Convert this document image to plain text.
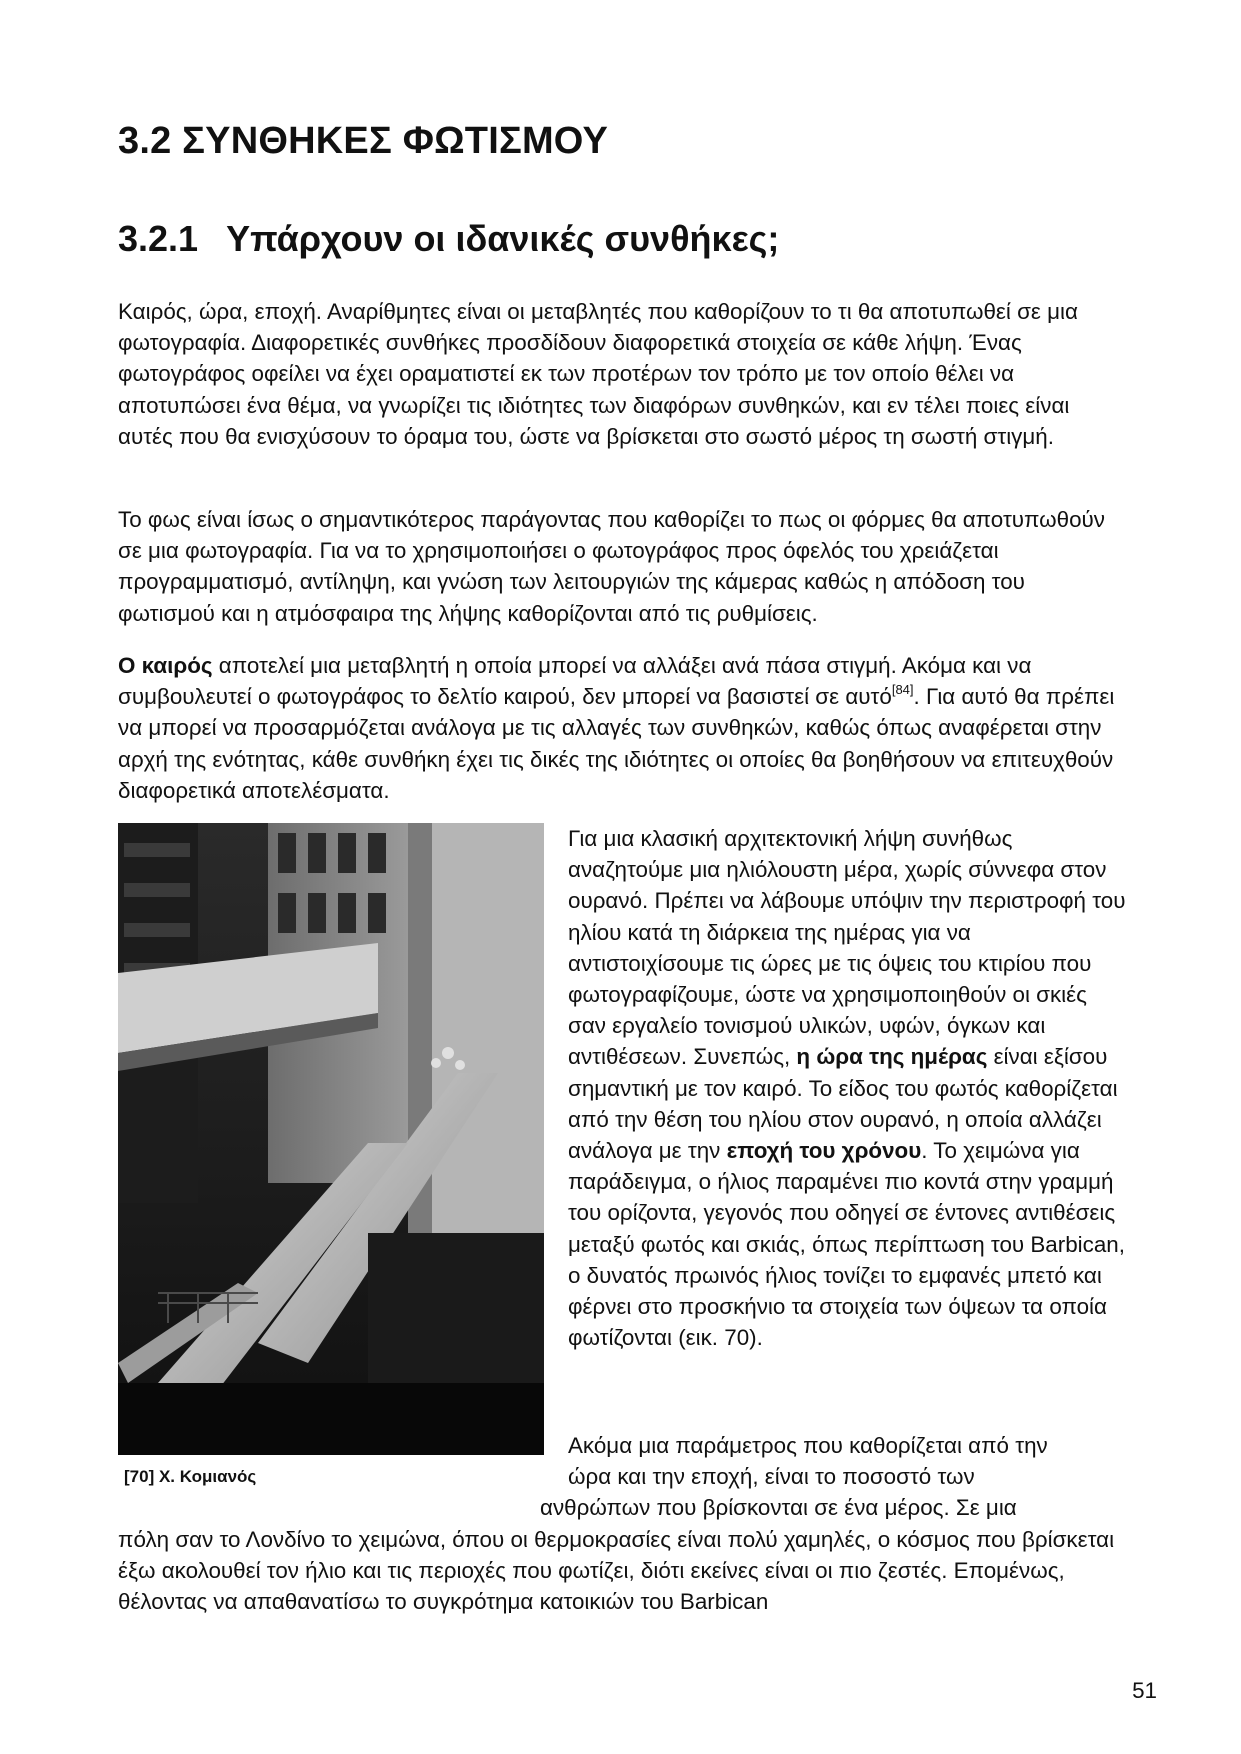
3.2 ΣΥΝΘΗΚΕΣ ΦΩΤΙΣΜΟΥ
3.2.1 Υπάρχουν οι ιδανικές συνθήκες;

Καιρός, ώρα, εποχή. Αναρίθμητες είναι οι μεταβλητές που καθορίζουν το τι θα αποτυπωθεί σε μια φωτογραφία. Διαφορετικές συνθήκες προσδίδουν διαφορετικά στοιχεία σε κάθε λήψη. Ένας φωτογράφος οφείλει να έχει οραματιστεί εκ των προτέρων τον τρόπο με τον οποίο θέλει να αποτυπώσει ένα θέμα, να γνωρίζει τις ιδιότητες των διαφόρων συνθηκών, και εν τέλει ποιες είναι αυτές που θα ενισχύσουν το όραμα του, ώστε να βρίσκεται στο σωστό μέρος τη σωστή στιγμή.

Το φως είναι ίσως ο σημαντικότερος παράγοντας που καθορίζει το πως οι φόρμες θα αποτυπωθούν σε μια φωτογραφία. Για να το χρησιμοποιήσει ο φωτογράφος προς όφελός του χρειάζεται προγραμματισμό, αντίληψη, και γνώση των λειτουργιών της κάμερας καθώς η απόδοση του φωτισμού και η ατμόσφαιρα της λήψης καθορίζονται από τις ρυθμίσεις.

Ο καιρός αποτελεί μια μεταβλητή η οποία μπορεί να αλλάξει ανά πάσα στιγμή. Ακόμα και να συμβουλευτεί ο φωτογράφος το δελτίο καιρού, δεν μπορεί να βασιστεί σε αυτό[84]. Για αυτό θα πρέπει να μπορεί να προσαρμόζεται ανάλογα με τις αλλαγές των συνθηκών, καθώς όπως αναφέρεται στην αρχή της ενότητας, κάθε συνθήκη έχει τις δικές της ιδιότητες οι οποίες θα βοηθήσουν να επιτευχθούν διαφορετικά αποτελέσματα.

[70] Χ. Κομιανός

Για μια κλασική αρχιτεκτονική λήψη συνήθως αναζητούμε μια ηλιόλουστη μέρα, χωρίς σύννεφα στον ουρανό. Πρέπει να λάβουμε υπόψιν την περιστροφή του ηλίου κατά τη διάρκεια της ημέρας για να αντιστοιχίσουμε τις ώρες με τις όψεις του κτιρίου που φωτογραφίζουμε, ώστε να χρησιμοποιηθούν οι σκιές σαν εργαλείο τονισμού υλικών, υφών, όγκων και αντιθέσεων. Συνεπώς, η ώρα της ημέρας είναι εξίσου σημαντική με τον καιρό. Το είδος του φωτός καθορίζεται από την θέση του ηλίου στον ουρανό, η οποία αλλάζει ανάλογα με την εποχή του χρόνου. Το χειμώνα για παράδειγμα, ο ήλιος παραμένει πιο κοντά στην γραμμή του ορίζοντα, γεγονός που οδηγεί σε έντονες αντιθέσεις μεταξύ φωτός και σκιάς, όπως περίπτωση του Barbican, ο δυνατός πρωινός ήλιος τονίζει το εμφανές μπετό και φέρνει στο προσκήνιο τα στοιχεία των όψεων τα οποία φωτίζονται (εικ. 70).

Ακόμα μια παράμετρος που καθορίζεται από την
ώρα και την εποχή, είναι το ποσοστό των
ανθρώπων που βρίσκονται σε ένα μέρος. Σε μια

πόλη σαν το Λονδίνο το χειμώνα, όπου οι θερμοκρασίες είναι πολύ χαμηλές, ο κόσμος που βρίσκεται έξω ακολουθεί τον ήλιο και τις περιοχές που φωτίζει, διότι εκείνες είναι οι πιο ζεστές. Επομένως, θέλοντας να απαθανατίσω το συγκρότημα κατοικιών του Barbican

51
